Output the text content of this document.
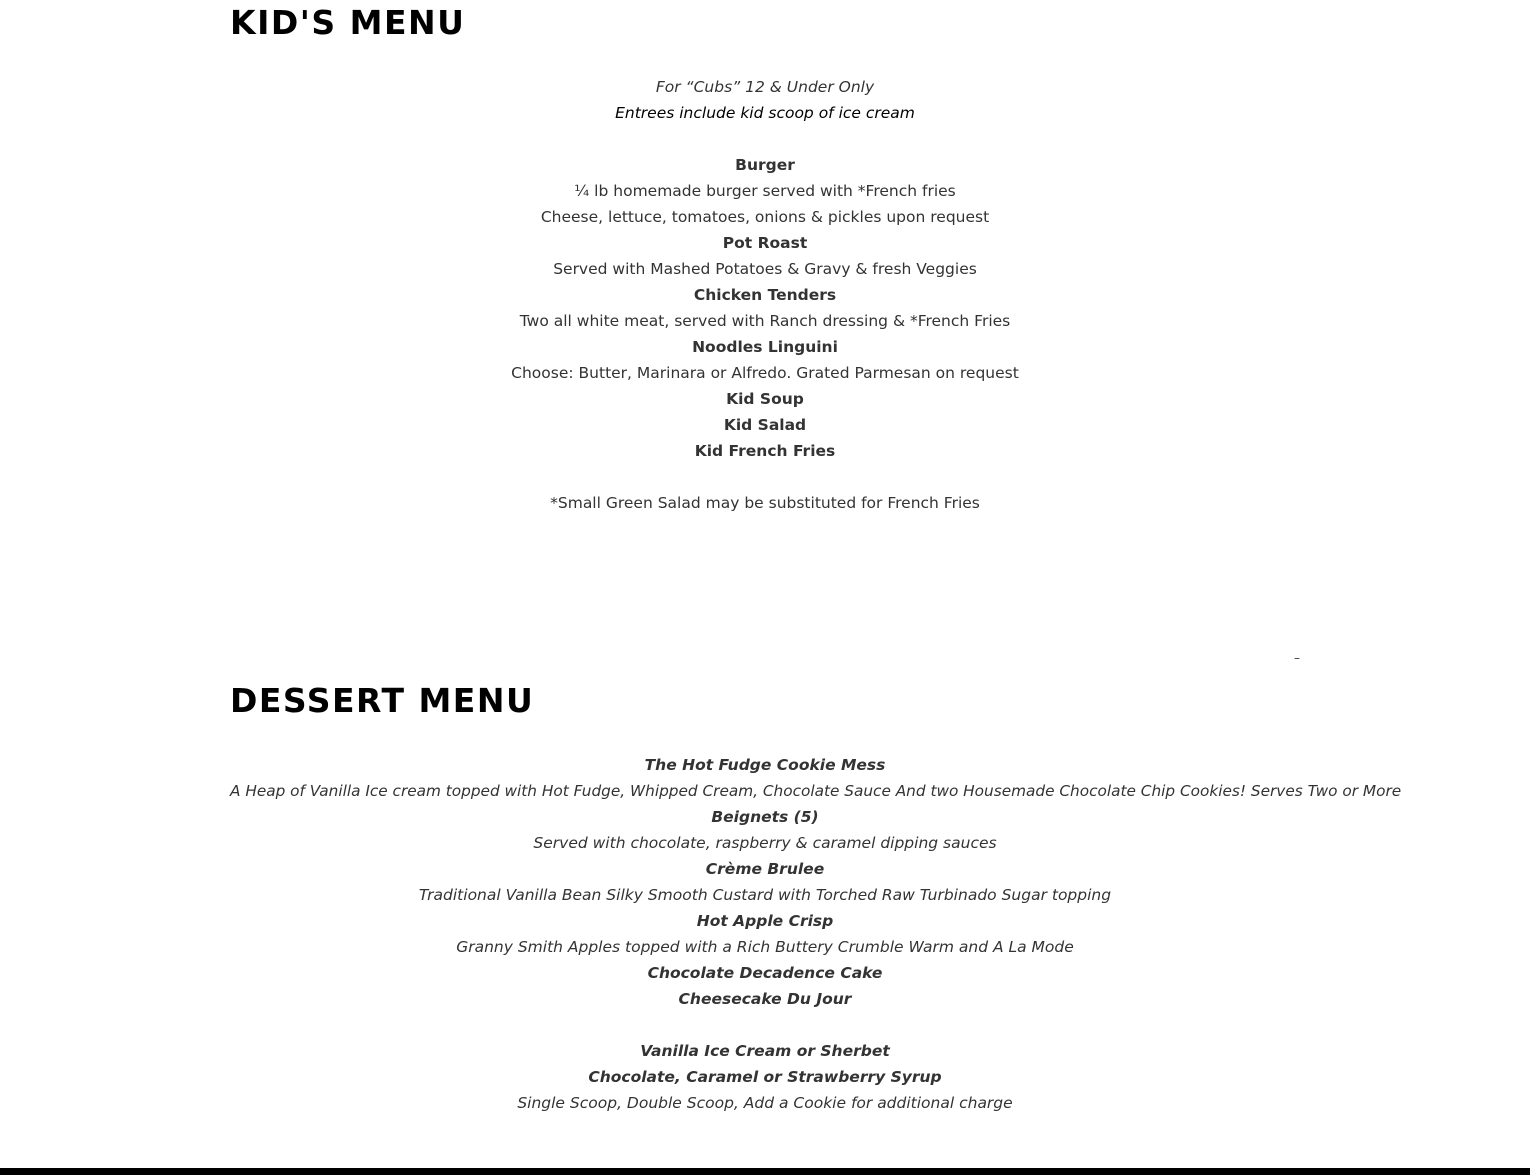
KID'S MENU
For “Cubs” 12 & Under Only
Entrees include kid scoop of ice cream
Burger
¼ lb homemade burger served with *French fries
Cheese, lettuce, tomatoes, onions & pickles upon request
Pot Roast
Served with Mashed Potatoes & Gravy & fresh Veggies
Chicken Tenders
Two all white meat, served with Ranch dressing & *French Fries
Noodles Linguini
Choose: Butter, Marinara or Alfredo. Grated Parmesan on request
Kid Soup
Kid Salad
Kid French Fries
*Small Green Salad may be substituted for French Fries
–
DESSERT MENU
The Hot Fudge Cookie Mess
A Heap of Vanilla Ice cream topped with Hot Fudge, Whipped Cream, Chocolate Sauce And two Housemade Chocolate Chip Cookies! Serves Two or More
Beignets (5)
Served with chocolate, raspberry & caramel dipping sauces
Crème Brulee
Traditional Vanilla Bean Silky Smooth Custard with Torched Raw Turbinado Sugar topping
Hot Apple Crisp
Granny Smith Apples topped with a Rich Buttery Crumble Warm and A La Mode
Chocolate Decadence Cake
Cheesecake Du Jour
Vanilla Ice Cream or Sherbet
Chocolate, Caramel or Strawberry Syrup
Single Scoop, Double Scoop, Add a Cookie for additional charge
